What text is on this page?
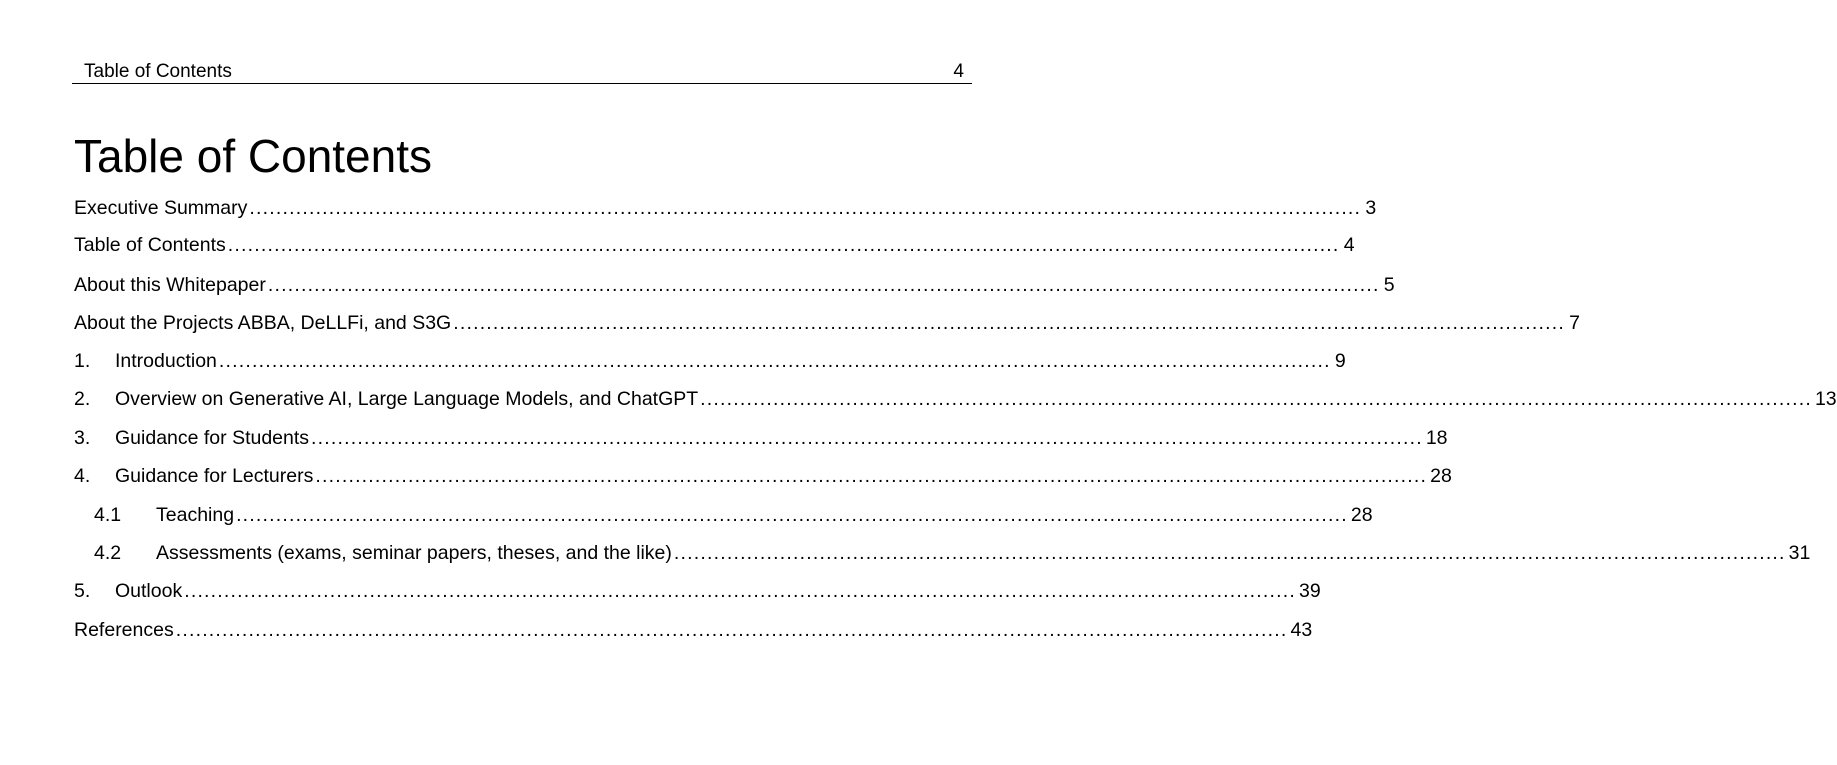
Table of Contents	4
Table of Contents
Executive Summary ........................................................................................................................................................................ 3
Table of Contents ........................................................................................................................................................................ 4
About this Whitepaper ........................................................................................................................................................................ 5
About the Projects ABBA, DeLLFi, and S3G ........................................................................................................................................................................ 7
1.	Introduction ........................................................................................................................................................................ 9
2.	Overview on Generative AI, Large Language Models, and ChatGPT ........................................................................................................................................................................ 13
3.	Guidance for Students ........................................................................................................................................................................ 18
4.	Guidance for Lecturers ........................................................................................................................................................................ 28
4.1	Teaching ........................................................................................................................................................................ 28
4.2	Assessments (exams, seminar papers, theses, and the like) ........................................................................................................................................................................ 31
5.	Outlook ........................................................................................................................................................................ 39
References ........................................................................................................................................................................ 43
